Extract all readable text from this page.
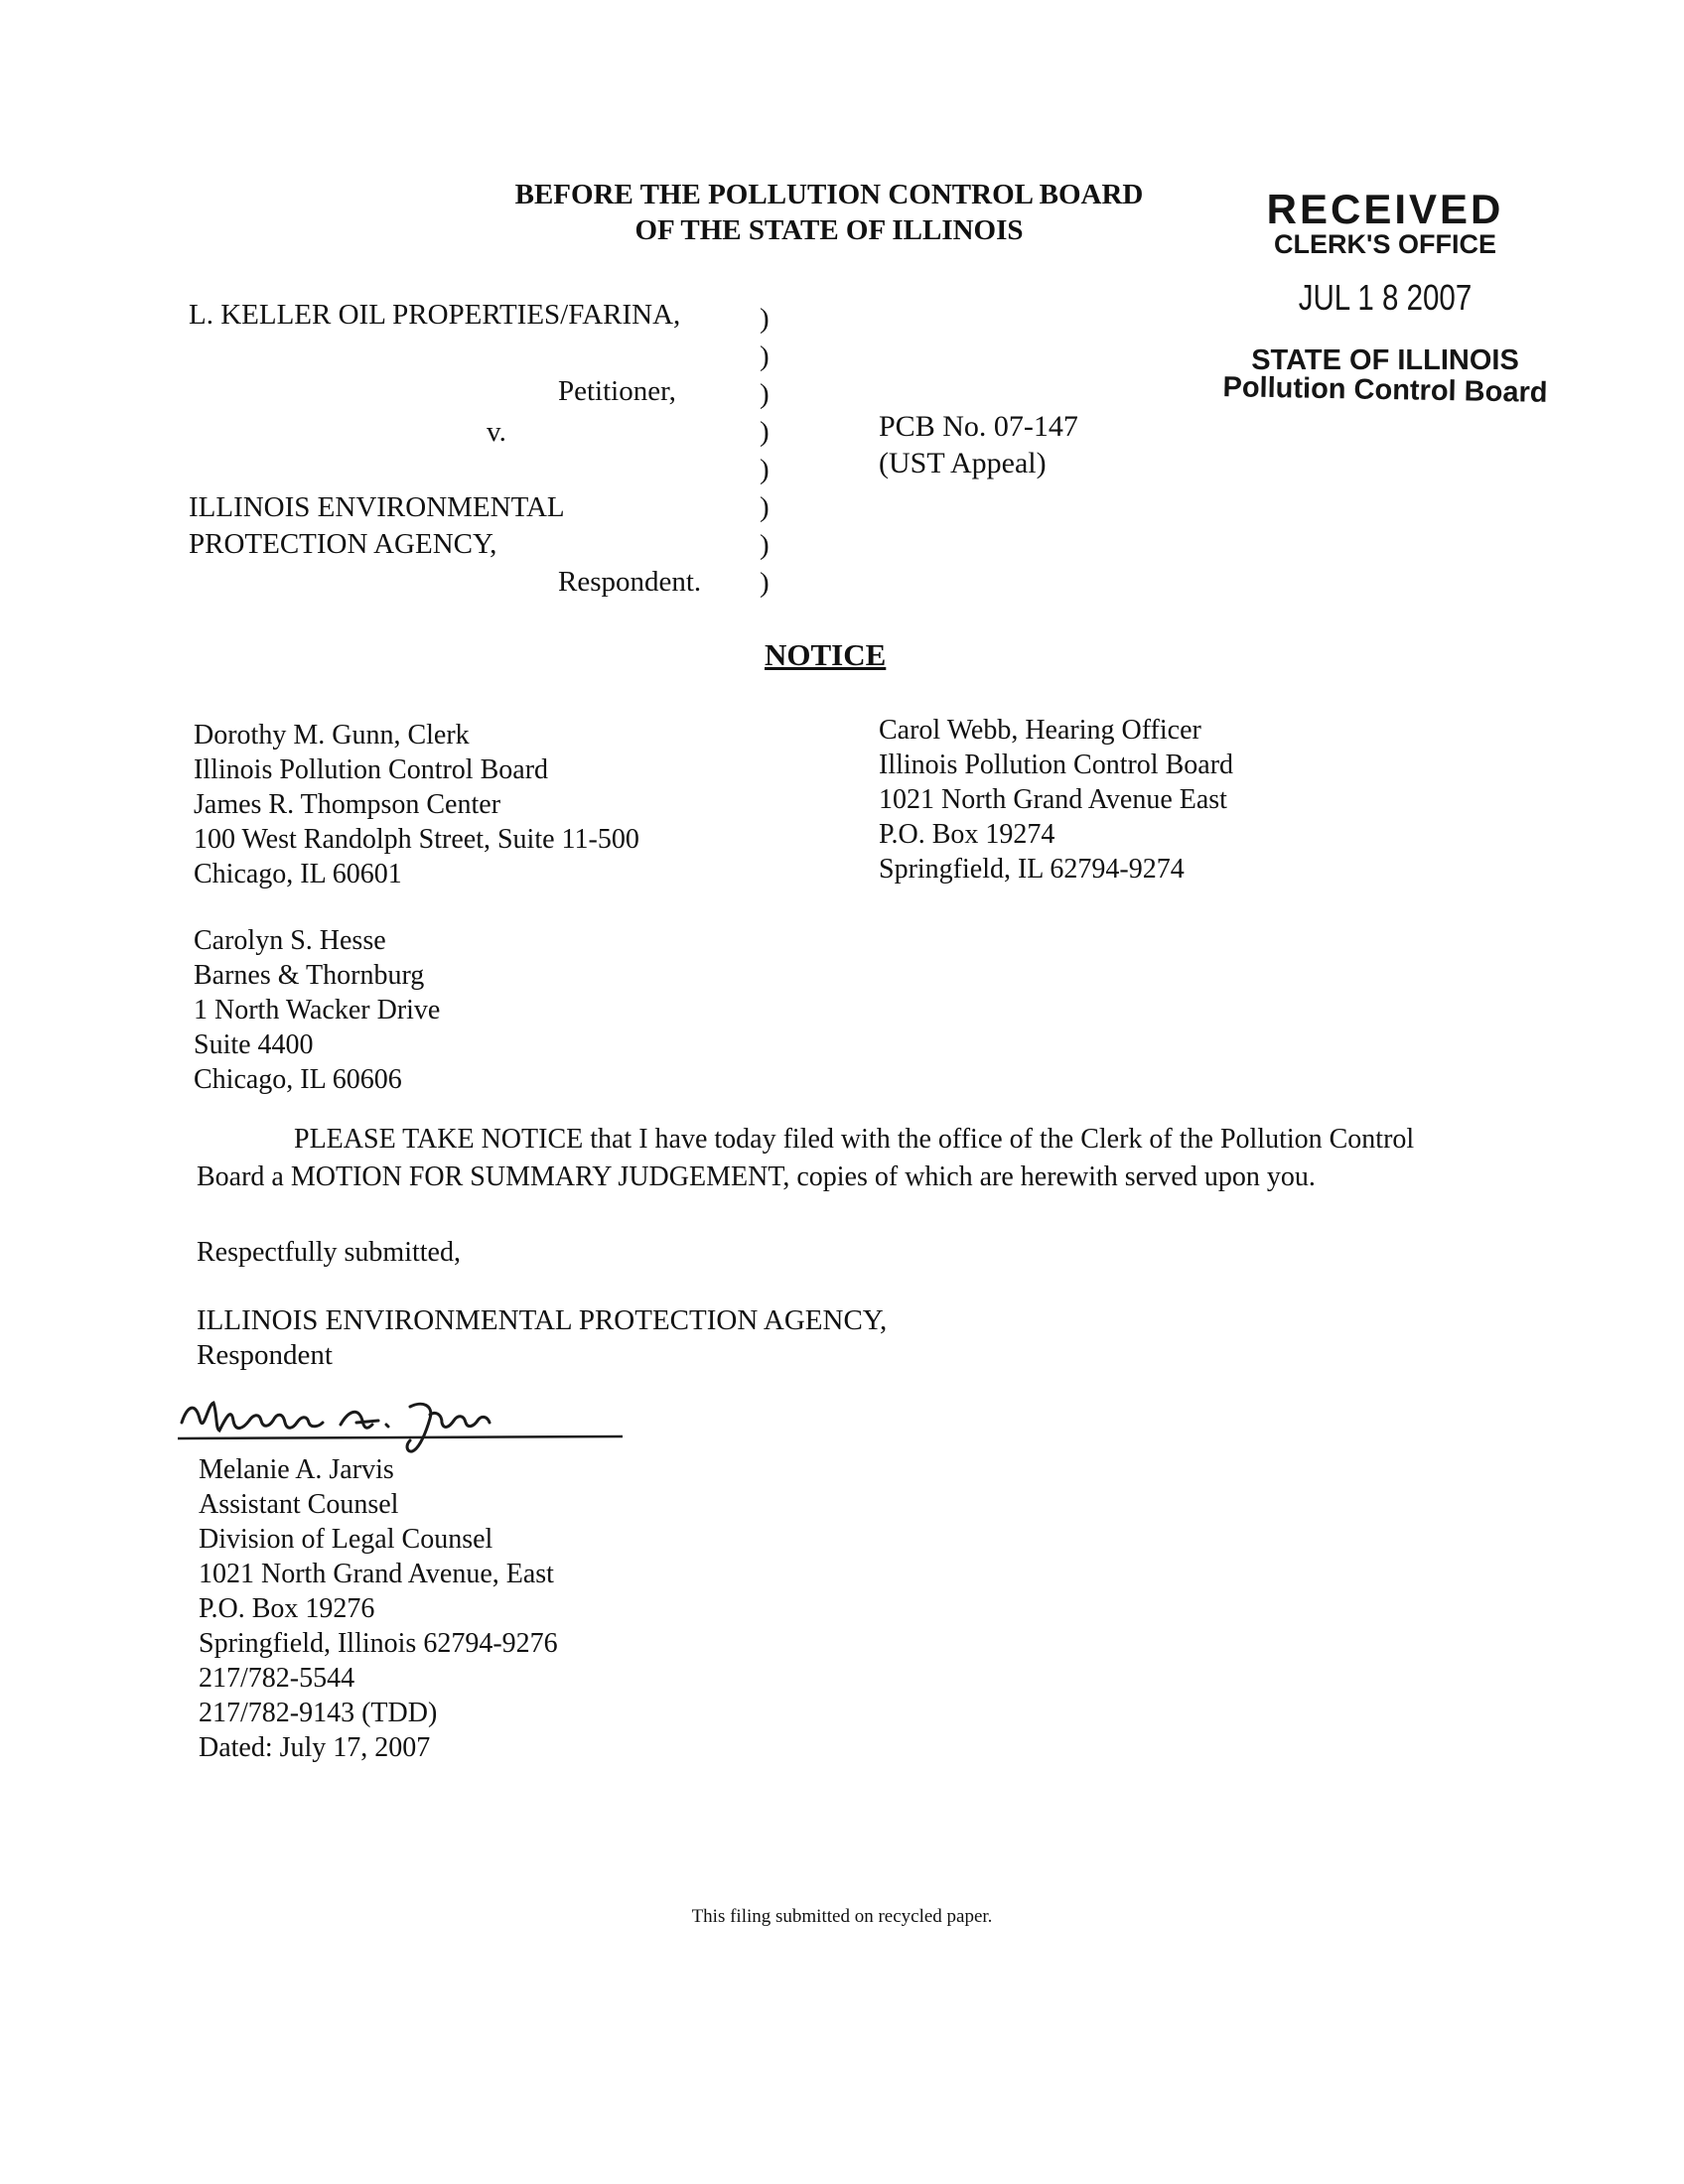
BEFORE THE POLLUTION CONTROL BOARD
OF THE STATE OF ILLINOIS	RECEIVED
CLERK'S OFFICE
JUL 1 8 2007
STATE OF ILLINOIS
Pollution Control Board
L. KELLER OIL PROPERTIES/FARINA,
Petitioner,
v.
ILLINOIS ENVIRONMENTAL
PROTECTION AGENCY,
Respondent.
)
)
)
)
)
)
)
)
PCB No. 07-147
(UST Appeal)
NOTICE
Dorothy M. Gunn, Clerk
Illinois Pollution Control Board
James R. Thompson Center
100 West Randolph Street, Suite 11-500
Chicago, IL 60601
Carol Webb, Hearing Officer
Illinois Pollution Control Board
1021 North Grand Avenue East
P.O. Box 19274
Springfield, IL 62794-9274
Carolyn S. Hesse
Barnes & Thornburg
1 North Wacker Drive
Suite 4400
Chicago, IL 60606
PLEASE TAKE NOTICE that I have today filed with the office of the Clerk of the Pollution Control
Board a MOTION FOR SUMMARY JUDGEMENT, copies of which are herewith served upon you.
Respectfully submitted,
ILLINOIS ENVIRONMENTAL PROTECTION AGENCY,
Respondent
Melanie A. Jarvis
Assistant Counsel
Division of Legal Counsel
1021 North Grand Avenue, East
P.O. Box 19276
Springfield, Illinois 62794-9276
217/782-5544
217/782-9143 (TDD)
Dated: July 17, 2007
This filing submitted on recycled paper.
